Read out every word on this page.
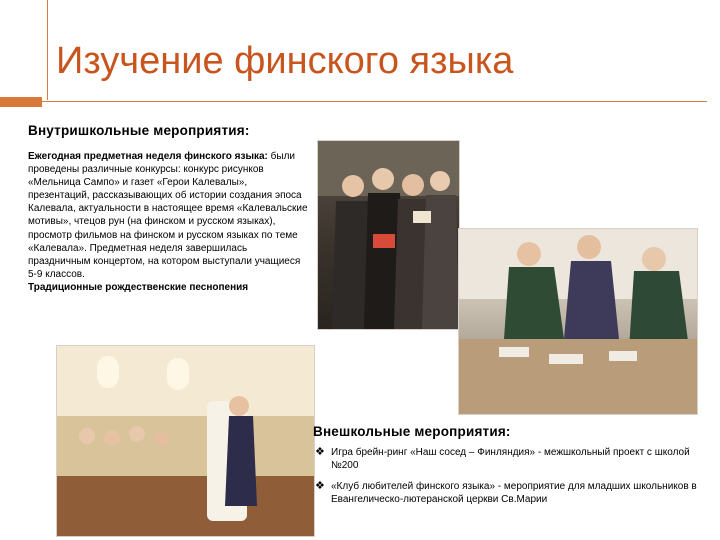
Изучение финского языка
Внутришкольные мероприятия:
Ежегодная предметная неделя финского языка: были проведены различные конкурсы: конкурс рисунков «Мельница Сампо» и газет «Герои Калевалы», презентаций, рассказывающих об истории создания эпоса Калевала, актуальности в настоящее время «Калевальские мотивы», чтецов рун (на финском и русском языках), просмотр фильмов на финском и русском языках по теме «Калевала». Предметная неделя завершилась праздничным концертом, на котором выступали учащиеся 5-9 классов.
Традиционные рождественские песнопения
Внешкольные мероприятия:
❖ Игра брейн-ринг «Наш сосед – Финляндия» - межшкольный проект с школой №200
❖ «Клуб любителей финского языка» - мероприятие для младших школьников в Евангелическо-лютеранской церкви Св.Марии
